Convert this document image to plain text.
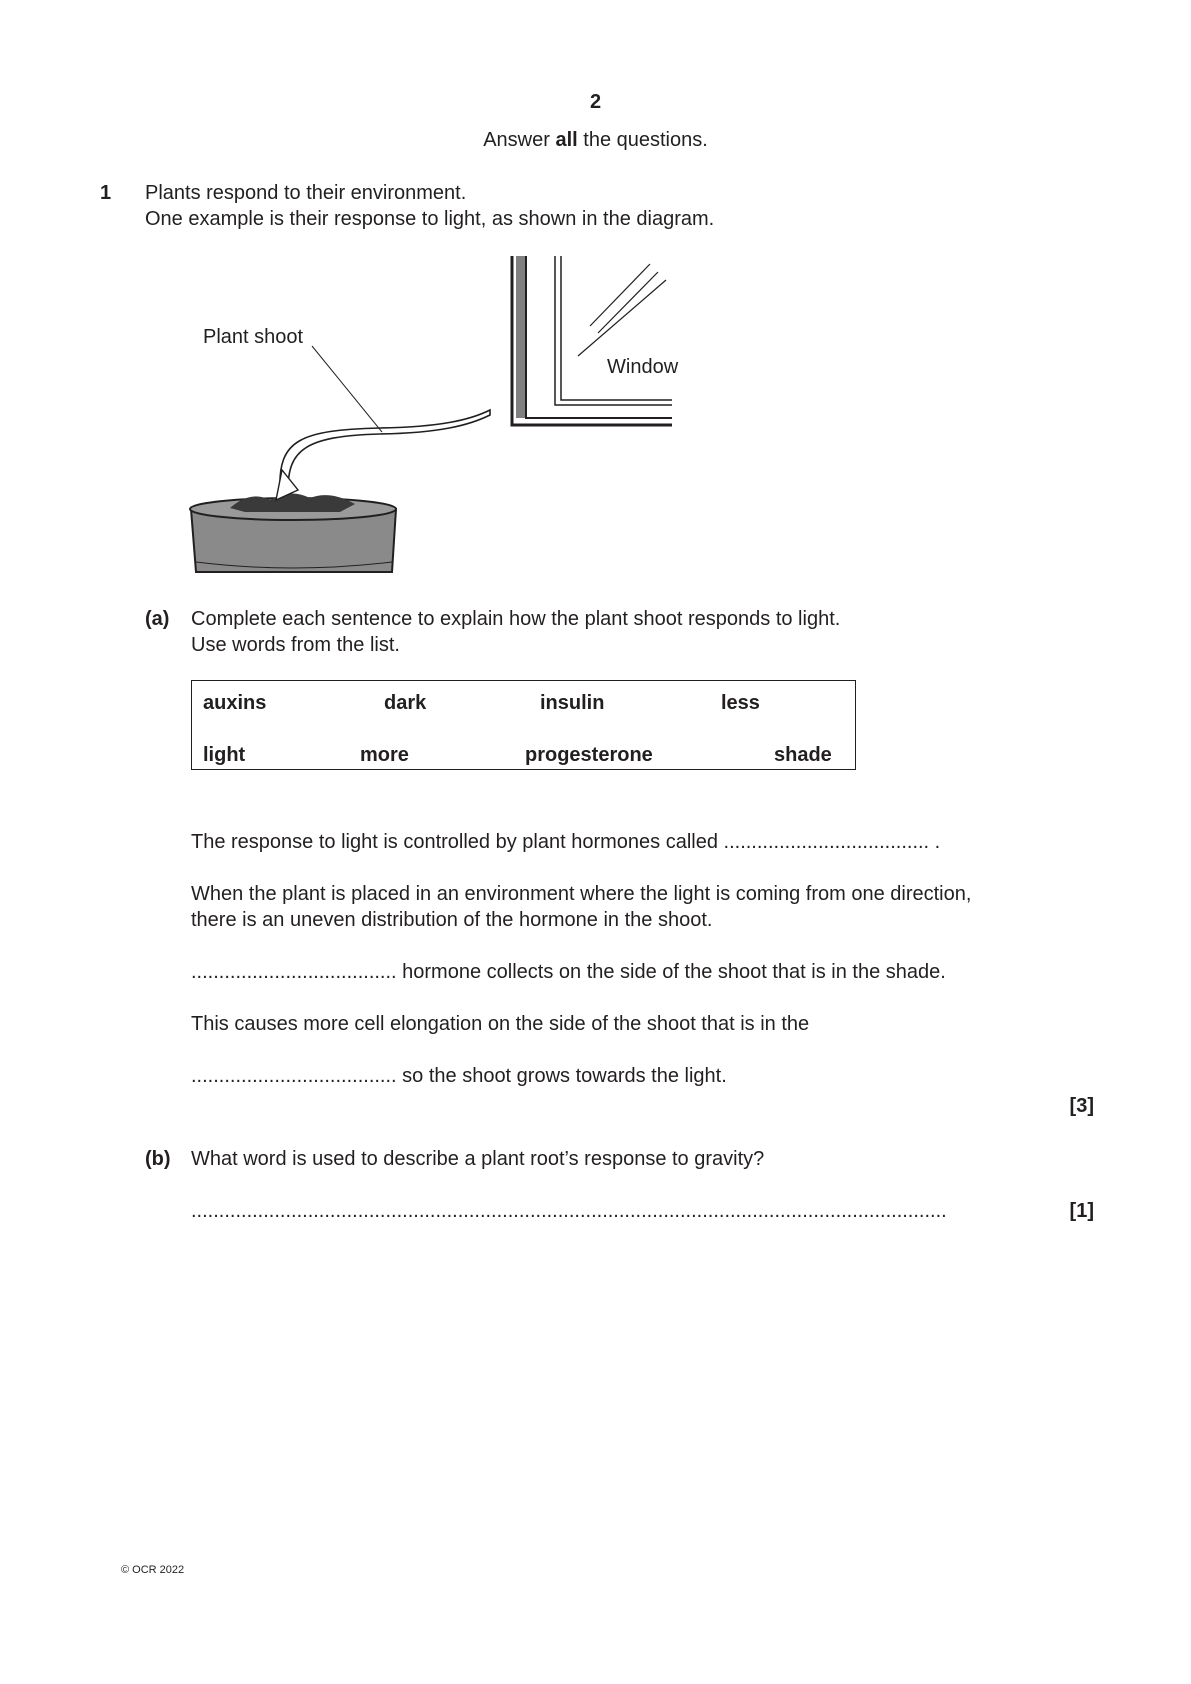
2
Answer all the questions.
1 Plants respond to their environment.
One example is their response to light, as shown in the diagram.
Plant shoot
Window
(a) Complete each sentence to explain how the plant shoot responds to light.
Use words from the list.
auxins	dark	insulin	less
light	more	progesterone	shade
The response to light is controlled by plant hormones called ..................................... .
When the plant is placed in an environment where the light is coming from one direction,
there is an uneven distribution of the hormone in the shoot.
..................................... hormone collects on the side of the shoot that is in the shade.
This causes more cell elongation on the side of the shoot that is in the
..................................... so the shoot grows towards the light.
[3]
(b) What word is used to describe a plant root’s response to gravity?
........................................................................................................................................	[1]
© OCR 2022
